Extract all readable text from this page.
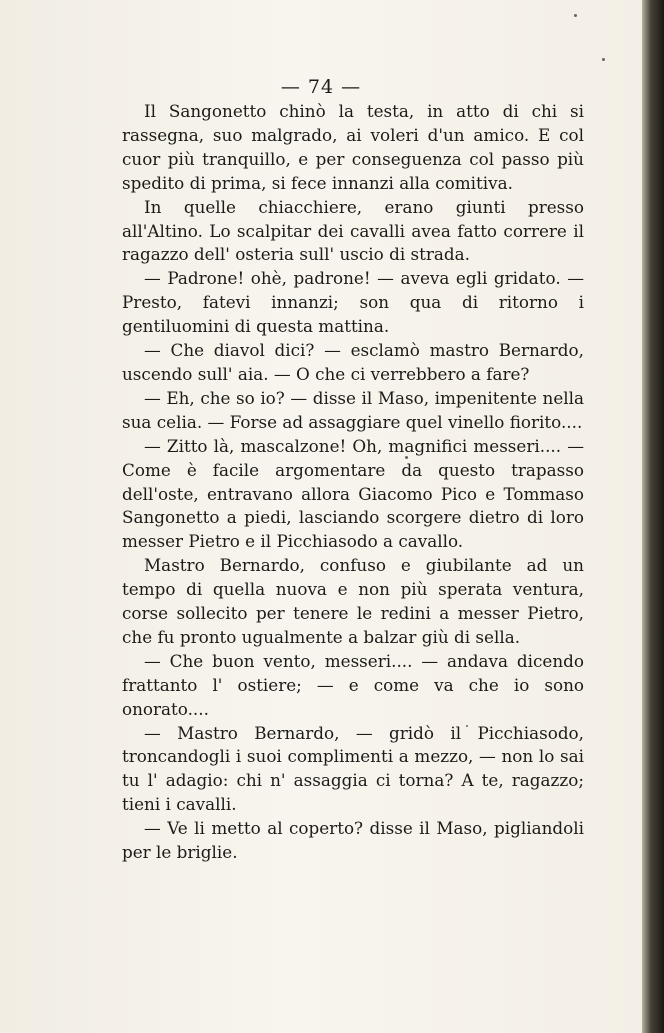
— 74 —

Il Sangonetto chinò la testa, in atto di chi si rassegna, suo malgrado, ai voleri d'un amico. E col cuor più tranquillo, e per conseguenza col passo più spedito di prima, si fece innanzi alla comitiva.

In quelle chiacchiere, erano giunti presso all'Altino. Lo scalpitar dei cavalli avea fatto correre il ragazzo dell' osteria sull' uscio di strada.

— Padrone! ohè, padrone! — aveva egli gridato. — Presto, fatevi innanzi; son qua di ritorno i gentiluomini di questa mattina.

— Che diavol dici? — esclamò mastro Bernardo, uscendo sull' aia. — O che ci verrebbero a fare?

— Eh, che so io? — disse il Maso, impenitente nella sua celia. — Forse ad assaggiare quel vinello fiorito....

— Zitto là, mascalzone! Oh, magnifici messeri.... — Come è facile argomentare da questo trapasso dell'oste, entravano allora Giacomo Pico e Tommaso Sangonetto a piedi, lasciando scorgere dietro di loro messer Pietro e il Picchiasodo a cavallo.

Mastro Bernardo, confuso e giubilante ad un tempo di quella nuova e non più sperata ventura, corse sollecito per tenere le redini a messer Pietro, che fu pronto ugualmente a balzar giù di sella.

— Che buon vento, messeri.... — andava dicendo frattanto l' ostiere; — e come va che io sono onorato....

— Mastro Bernardo, — gridò il Picchiasodo, troncandogli i suoi complimenti a mezzo, — non lo sai tu l' adagio: chi n' assaggia ci torna? A te, ragazzo; tieni i cavalli.

— Ve li metto al coperto? disse il Maso, pigliandoli per le briglie.
